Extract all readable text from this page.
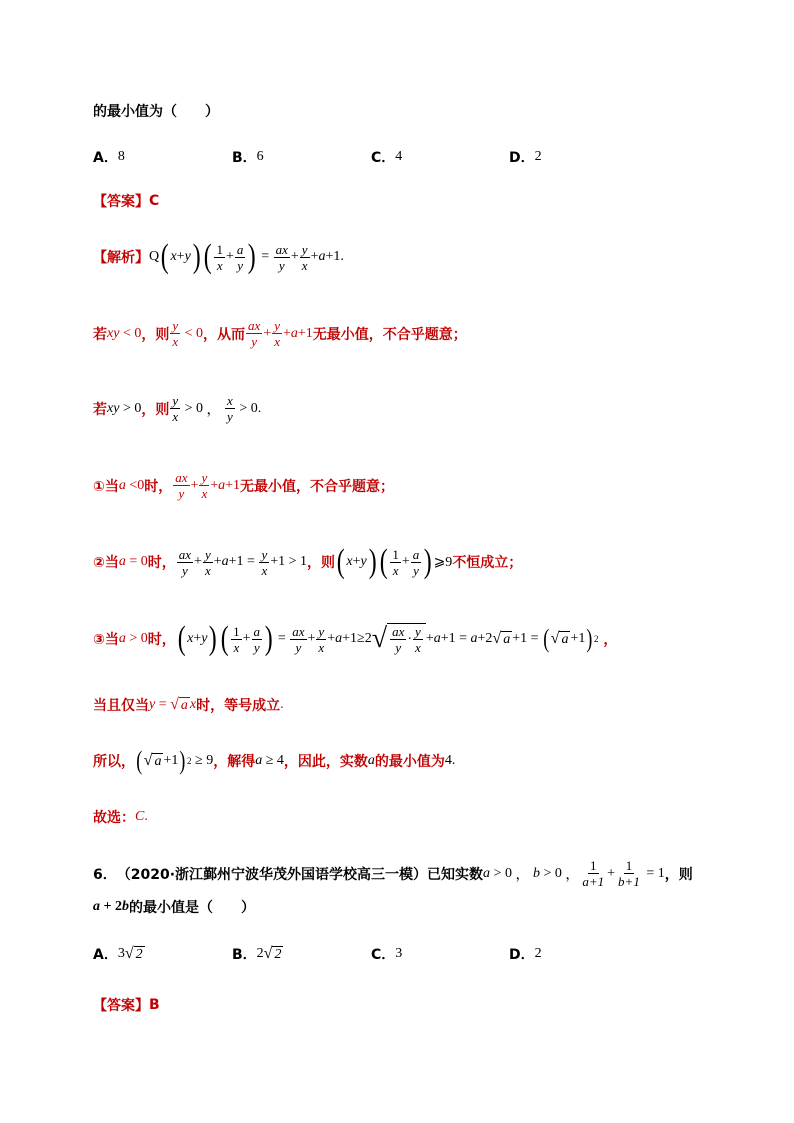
的最小值为（　　）
A． 8	B． 6	C． 4	D． 2
【答案】 C
【解析】 Q ( x + y ) ( $\frac{1}{x} + \frac{a}{y}$ ) = $\frac{ax}{y} + \frac{y}{x} + a +1$.
若 xy < 0 ，则 $\frac{y}{x} < 0$ ，从而 $\frac{ax}{y} + \frac{y}{x} + a +1$ 无最小值，不合乎题意；
若 xy > 0 ，则 $\frac{y}{x} > 0$ ， $\frac{x}{y} > 0$.
①当 a <0 时， $\frac{ax}{y} + \frac{y}{x} + a +1$ 无最小值，不合乎题意；
②当 a = 0 时， $\frac{ax}{y} + \frac{y}{x} + a +1 = \frac{y}{x} +1 > 1$ ，则 ( x + y ) ( $\frac{1}{x} + \frac{a}{y}$ ) ⩾9 不恒成立；
③当 a > 0 时， ( x + y ) ( $\frac{1}{x} + \frac{a}{y}$ ) = $\frac{ax}{y} + \frac{y}{x} + a +1\ge 2$ √ $\frac{ax}{y} \cdot \frac{y}{x} + a +1 = a +2$ √ a +1 = ( √ a +1 ) 2 ，
当且仅当 y = √ a x 时，等号成立 .
所以， ( √ a +1 ) 2 ≥ 9 ，解得 a ≥ 4 ，因此，实数 a 的最小值为 4.
故选： C .
6． （2020·浙江鄞州宁波华茂外国语学校高三一模）已知实数 a > 0 ， b > 0 ， $\frac{1}{a+1} + \frac{1}{b+1} = 1$ ，则
a + 2 b 的最小值是（　　）
A． 3 √ 2	B． 2 √ 2	C． 3	D． 2
【答案】 B
